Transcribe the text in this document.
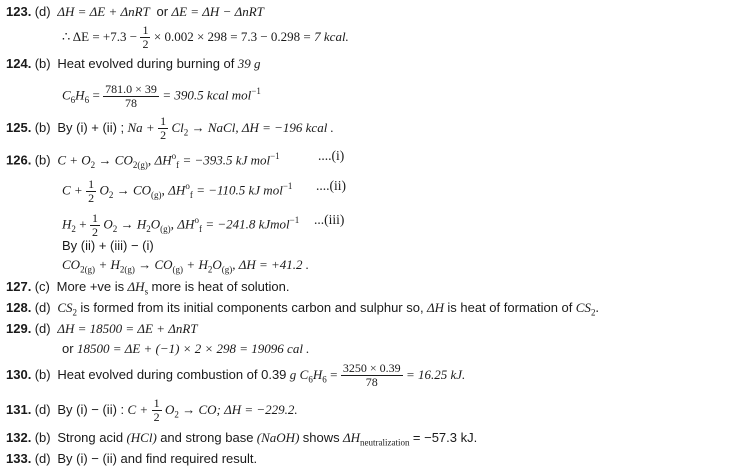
123. (d) ΔH = ΔE + ΔnRT or ΔE = ΔH − ΔnRT
∴ $\Delta E = +7.3 - \frac{1}{2} \times 0.002 \times 298 = 7.3 - 0.298 = 7$ kcal.
124. (b) Heat evolved during burning of 39 g
$C_6H_6 = \frac{781.0 \times 39}{78} = 390.5$ kcal mol$^{-1}$
125. (b) By (i) + (ii) ; $Na + \frac{1}{2} Cl_2$ → NaCl, ΔH = −196 kcal .
126. (b) $C + O_2 \to CO_{2(g)}$, $\Delta H^o_f = -393.5$ kJ mol$^{-1}$	....(i)
$C + \frac{1}{2} O_2 \to CO_{(g)}$, $\Delta H^o_f = -110.5$ kJ mol$^{-1}$ ....(ii)
$H_2 + \frac{1}{2} O_2 \to H_2O_{(g)}$, $\Delta H^o_f = -241.8$ kJmol$^{-1}$ ...(iii)
By (ii) + (iii) − (i)
$CO_{2(g)} + H_{2(g)} \to CO_{(g)} + H_2O_{(g)}$, ΔH = +41.2 .
127. (c) More +ve is $\Delta H_s$ more is heat of solution.
128. (d) $CS_2$ is formed from its initial components carbon and sulphur so, ΔH is heat of formation of $CS_2$.
129. (d) ΔH = 18500 = ΔE + ΔnRT
or 18500 = ΔE + (−1) × 2 × 298 = 19096 cal .
130. (b) Heat evolved during combustion of 0.39 g $C_6H_6 = \frac{3250 \times 0.39}{78} = 16.25$ kJ.
131. (d) By (i) − (ii) : $C + \frac{1}{2} O_2$ → CO; ΔH = −229.2.
132. (b) Strong acid (HCl) and strong base (NaOH) shows $\Delta H_{neutralization} = -57.3$ kJ.
133. (d) By (i) − (ii) and find required result.
